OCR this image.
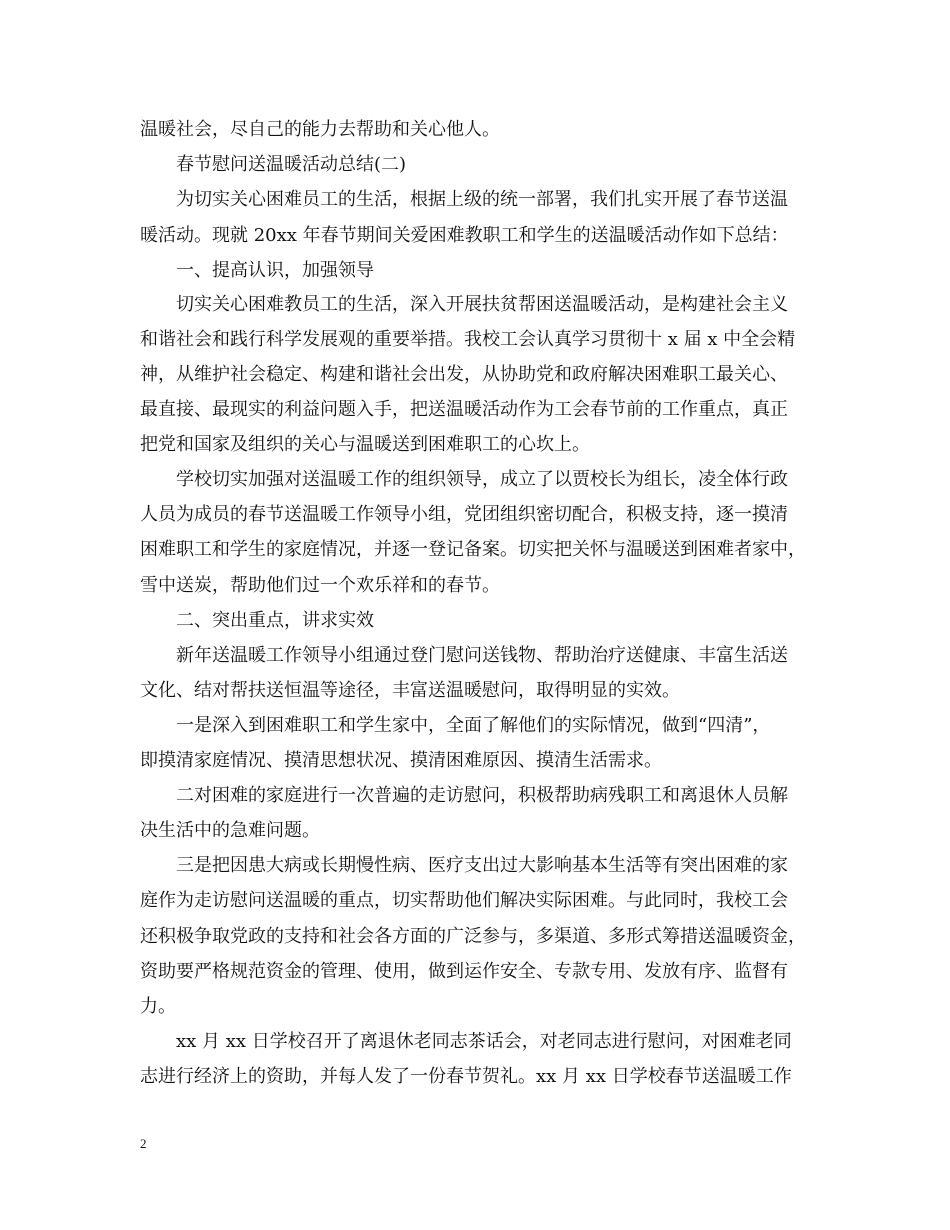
温暖社会，尽自己的能力去帮助和关心他人。
春节慰问送温暖活动总结(二)
为切实关心困难员工的生活，根据上级的统一部署，我们扎实开展了春节送温
暖活动。现就 20xx 年春节期间关爱困难教职工和学生的送温暖活动作如下总结：
一、提高认识，加强领导
切实关心困难教员工的生活，深入开展扶贫帮困送温暖活动，是构建社会主义
和谐社会和践行科学发展观的重要举措。我校工会认真学习贯彻十 x 届 x 中全会精
神，从维护社会稳定、构建和谐社会出发，从协助党和政府解决困难职工最关心、
最直接、最现实的利益问题入手，把送温暖活动作为工会春节前的工作重点，真正
把党和国家及组织的关心与温暖送到困难职工的心坎上。
学校切实加强对送温暖工作的组织领导，成立了以贾校长为组长，凌全体行政
人员为成员的春节送温暖工作领导小组，党团组织密切配合，积极支持，逐一摸清
困难职工和学生的家庭情况，并逐一登记备案。切实把关怀与温暖送到困难者家中，
雪中送炭，帮助他们过一个欢乐祥和的春节。
二、突出重点，讲求实效
新年送温暖工作领导小组通过登门慰问送钱物、帮助治疗送健康、丰富生活送
文化、结对帮扶送恒温等途径，丰富送温暖慰问，取得明显的实效。
一是深入到困难职工和学生家中，全面了解他们的实际情况，做到“四清”，
即摸清家庭情况、摸清思想状况、摸清困难原因、摸清生活需求。
二对困难的家庭进行一次普遍的走访慰问，积极帮助病残职工和离退休人员解
决生活中的急难问题。
三是把因患大病或长期慢性病、医疗支出过大影响基本生活等有突出困难的家
庭作为走访慰问送温暖的重点，切实帮助他们解决实际困难。与此同时，我校工会
还积极争取党政的支持和社会各方面的广泛参与，多渠道、多形式筹措送温暖资金，
资助要严格规范资金的管理、使用，做到运作安全、专款专用、发放有序、监督有
力。
xx 月 xx 日学校召开了离退休老同志茶话会，对老同志进行慰问，对困难老同
志进行经济上的资助，并每人发了一份春节贺礼。xx 月 xx 日学校春节送温暖工作
2
